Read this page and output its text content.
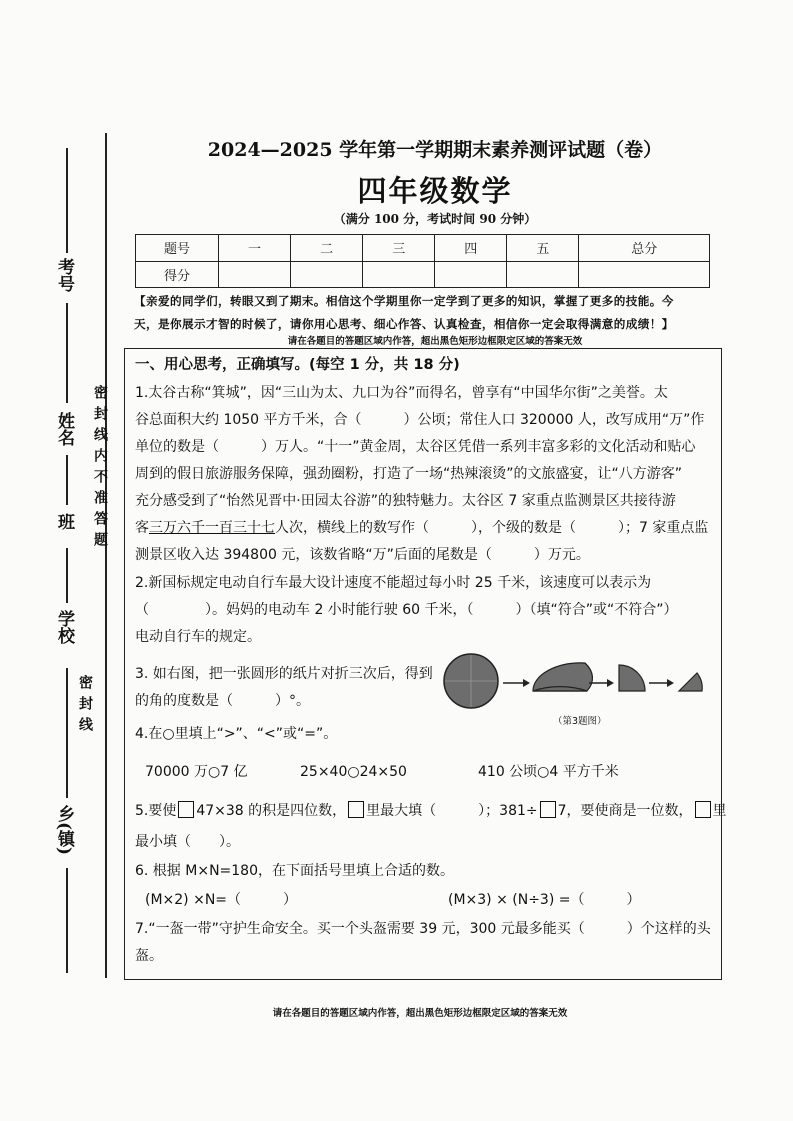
考号
姓名
班
学校
乡(镇)
密封线内不准答题
密封线
2024—2025 学年第一学期期末素养测评试题（卷）
四年级数学
（满分 100 分，考试时间 90 分钟）
题号	一	二	三	四	五	总分
得分						
【亲爱的同学们，转眼又到了期末。相信这个学期里你一定学到了更多的知识，掌握了更多的技能。今
天，是你展示才智的时候了，请你用心思考、细心作答、认真检查，相信你一定会取得满意的成绩！】
请在各题目的答题区域内作答，超出黑色矩形边框限定区域的答案无效
一、用心思考，正确填写。(每空 1 分，共 18 分)
1.太谷古称“箕城”，因“三山为太、九口为谷”而得名，曾享有“中国华尔街”之美誉。太
谷总面积大约 1050 平方千米，合（　　　）公顷；常住人口 320000 人，改写成用“万”作
单位的数是（　　　）万人。“十一”黄金周，太谷区凭借一系列丰富多彩的文化活动和贴心
周到的假日旅游服务保障，强劲圈粉，打造了一场“热辣滚烫”的文旅盛宴，让“八方游客”
充分感受到了“怡然见晋中·田园太谷游”的独特魅力。太谷区 7 家重点监测景区共接待游
客三万六千一百三十七人次，横线上的数写作（　　　），个级的数是（　　　）；7 家重点监
测景区收入达 394800 元，该数省略“万”后面的尾数是（　　　）万元。
2.新国标规定电动自行车最大设计速度不能超过每小时 25 千米，该速度可以表示为
（　　　　）。妈妈的电动车 2 小时能行驶 60 千米，（　　　）（填“符合”或“不符合”）
电动自行车的规定。
3. 如右图，把一张圆形的纸片对折三次后，得到
的角的度数是（　　　）°。
（第3题图）
4.在○里填上“>”、“<”或“=”。
70000 万○7 亿	25×40○24×50	410 公顷○4 平方千米
5.要使 47×38 的积是四位数， 里最大填（　　　）；381÷ 7，要使商是一位数， 里
最小填（　　）。
6. 根据 M×N=180，在下面括号里填上合适的数。
(M×2) ×N=（　　　）	(M×3) × (N÷3) =（　　　）
7.“一盔一带”守护生命安全。买一个头盔需要 39 元，300 元最多能买（　　　）个这样的头
盔。
请在各题目的答题区域内作答，超出黑色矩形边框限定区域的答案无效
